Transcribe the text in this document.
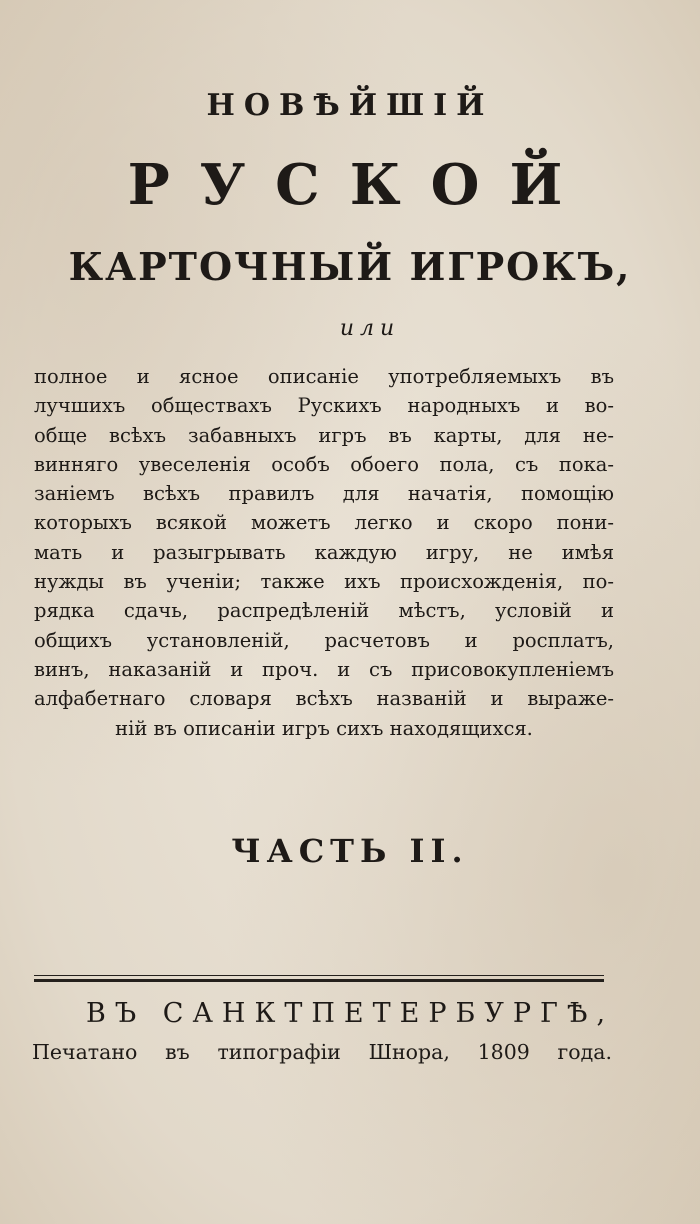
НОВѢЙШІЙ
РУСКОЙ
КАРТОЧНЫЙ ИГРОКЪ,
или
полное и ясное описаніе употребляемыхъ въ
лучшихъ обществахъ Рускихъ народныхъ и во-
обще всѣхъ забавныхъ игръ въ карты, для не-
винняго увеселенія особъ обоего пола, съ пока-
заніемъ всѣхъ правилъ для начатія, помощію
которыхъ всякой можетъ легко и скоро пони-
мать и разыгрывать каждую игру, не имѣя
нужды въ ученіи; также ихъ происхожденія, по-
рядка сдачь, распредѣленій мѣстъ, условій и
общихъ установленій, расчетовъ и росплатъ,
винъ, наказаній и проч. и съ присовокупленіемъ
алфабетнаго словаря всѣхъ названій и выраже-
ній въ описаніи игръ сихъ находящихся.
ЧАСТЬ II.
ВЪ САНКТПЕТЕРБУРГѢ,
Печатано въ типографіи Шнора, 1809 года.
